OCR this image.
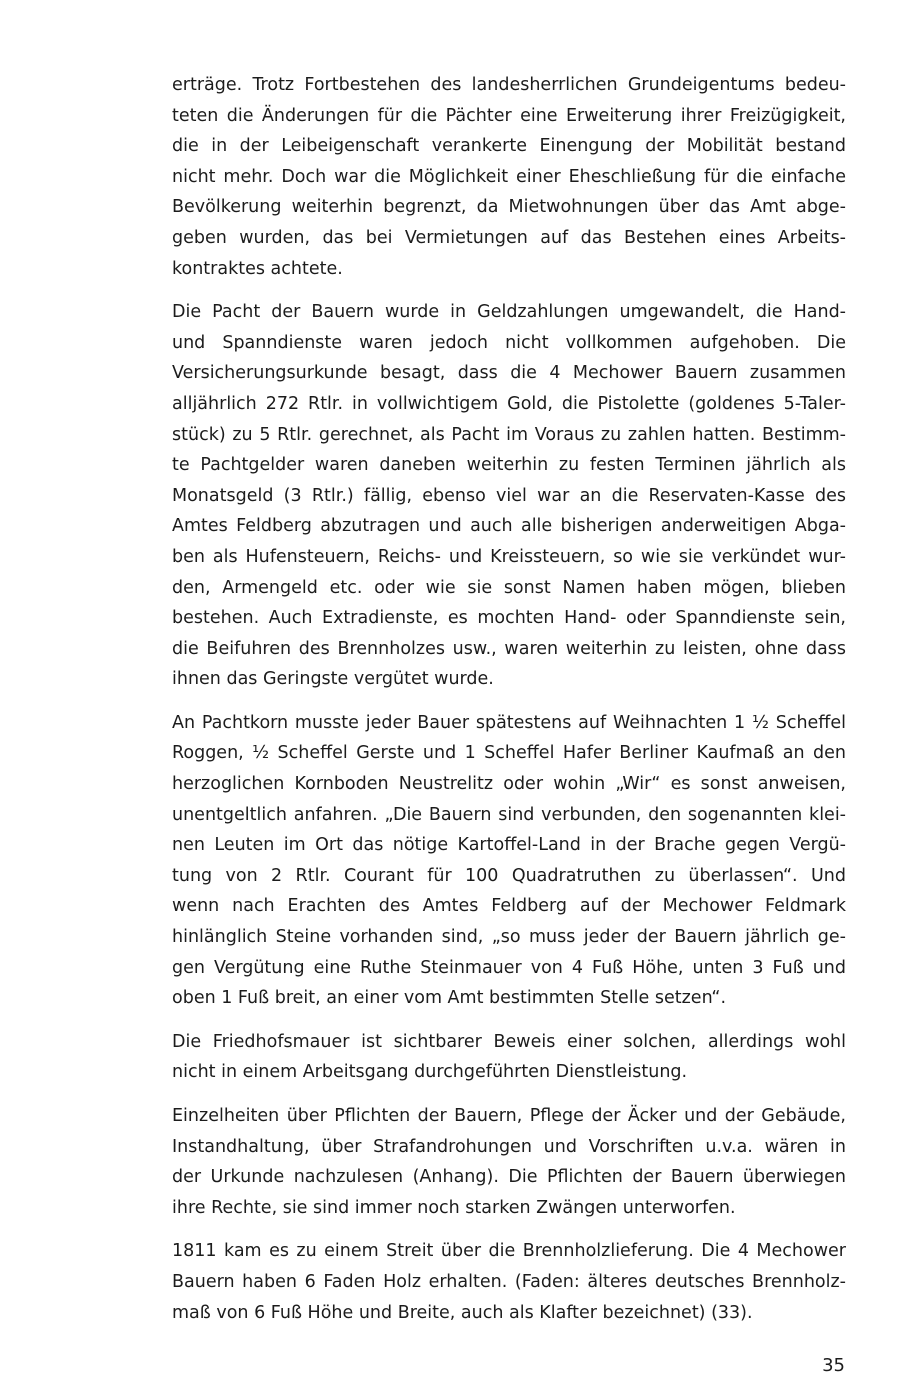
erträge. Trotz Fortbestehen des landesherrlichen Grundeigentums bedeu-
teten die Änderungen für die Pächter eine Erweiterung ihrer Freizügigkeit,
die in der Leibeigenschaft verankerte Einengung der Mobilität bestand
nicht mehr. Doch war die Möglichkeit einer Eheschließung für die einfache
Bevölkerung weiterhin begrenzt, da Mietwohnungen über das Amt abge-
geben wurden, das bei Vermietungen auf das Bestehen eines Arbeits-
kontraktes achtete.

Die Pacht der Bauern wurde in Geldzahlungen umgewandelt, die Hand-
und Spanndienste waren jedoch nicht vollkommen aufgehoben. Die
Versicherungsurkunde besagt, dass die 4 Mechower Bauern zusammen
alljährlich 272 Rtlr. in vollwichtigem Gold, die Pistolette (goldenes 5-Taler-
stück) zu 5 Rtlr. gerechnet, als Pacht im Voraus zu zahlen hatten. Bestimm-
te Pachtgelder waren daneben weiterhin zu festen Terminen jährlich als
Monatsgeld (3 Rtlr.) fällig, ebenso viel war an die Reservaten-Kasse des
Amtes Feldberg abzutragen und auch alle bisherigen anderweitigen Abga-
ben als Hufensteuern, Reichs- und Kreissteuern, so wie sie verkündet wur-
den, Armengeld etc. oder wie sie sonst Namen haben mögen, blieben
bestehen. Auch Extradienste, es mochten Hand- oder Spanndienste sein,
die Beifuhren des Brennholzes usw., waren weiterhin zu leisten, ohne dass
ihnen das Geringste vergütet wurde.

An Pachtkorn musste jeder Bauer spätestens auf Weihnachten 1 ½ Scheffel
Roggen, ½ Scheffel Gerste und 1 Scheffel Hafer Berliner Kaufmaß an den
herzoglichen Kornboden Neustrelitz oder wohin „Wir“ es sonst anweisen,
unentgeltlich anfahren. „Die Bauern sind verbunden, den sogenannten klei-
nen Leuten im Ort das nötige Kartoffel-Land in der Brache gegen Vergü-
tung von 2 Rtlr. Courant für 100 Quadratruthen zu überlassen“. Und
wenn nach Erachten des Amtes Feldberg auf der Mechower Feldmark
hinlänglich Steine vorhanden sind, „so muss jeder der Bauern jährlich ge-
gen Vergütung eine Ruthe Steinmauer von 4 Fuß Höhe, unten 3 Fuß und
oben 1 Fuß breit, an einer vom Amt bestimmten Stelle setzen“.

Die Friedhofsmauer ist sichtbarer Beweis einer solchen, allerdings wohl
nicht in einem Arbeitsgang durchgeführten Dienstleistung.

Einzelheiten über Pflichten der Bauern, Pflege der Äcker und der Gebäude,
Instandhaltung, über Strafandrohungen und Vorschriften u.v.a. wären in
der Urkunde nachzulesen (Anhang). Die Pflichten der Bauern überwiegen
ihre Rechte, sie sind immer noch starken Zwängen unterworfen.

1811 kam es zu einem Streit über die Brennholzlieferung. Die 4 Mechower
Bauern haben 6 Faden Holz erhalten. (Faden: älteres deutsches Brennholz-
maß von 6 Fuß Höhe und Breite, auch als Klafter bezeichnet) (33).

35
